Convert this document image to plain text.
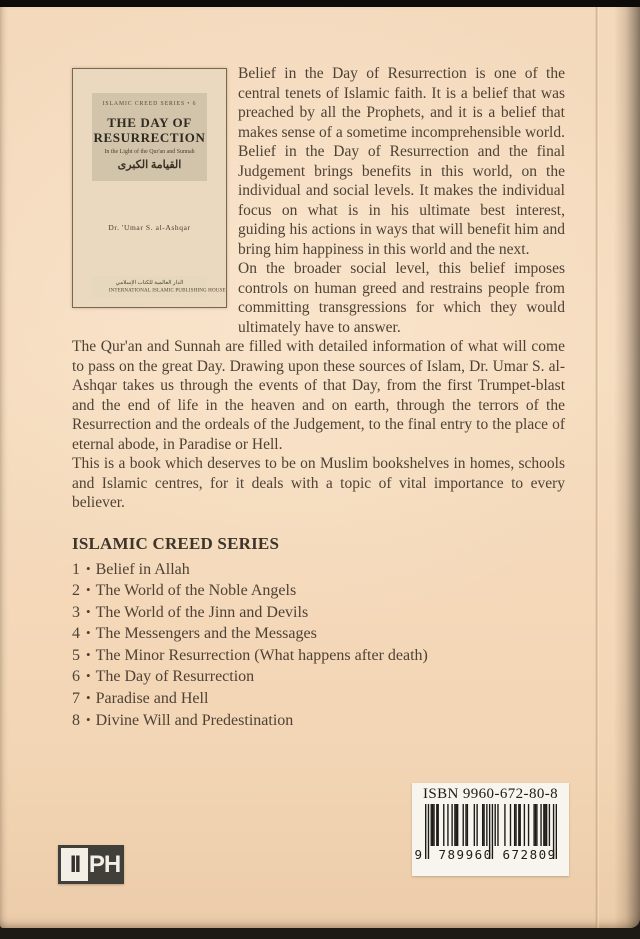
ISLAMIC CREED SERIES • 6
THE DAY OF RESURRECTION
In the Light of the Qur'an and Sunnah
القيامة الكبرى
Dr. 'Umar S. al-Ashqar
الدار العالمية للكتاب الإسلامي
INTERNATIONAL ISLAMIC PUBLISHING HOUSE

Belief in the Day of Resurrection is one of the central tenets of Islamic faith. It is a belief that was preached by all the Prophets, and it is a belief that makes sense of a sometime incomprehensible world. Belief in the Day of Resurrection and the final Judgement brings benefits in this world, on the individual and social levels. It makes the individual focus on what is in his ultimate best interest, guiding his actions in ways that will benefit him and bring him happiness in this world and the next.

On the broader social level, this belief imposes controls on human greed and restrains people from committing transgressions for which they would ultimately have to answer.

The Qur'an and Sunnah are filled with detailed information of what will come to pass on the great Day. Drawing upon these sources of Islam, Dr. Umar S. al-Ashqar takes us through the events of that Day, from the first Trumpet-blast and the end of life in the heaven and on earth, through the terrors of the Resurrection and the ordeals of the Judgement, to the final entry to the place of eternal abode, in Paradise or Hell.

This is a book which deserves to be on Muslim bookshelves in homes, schools and Islamic centres, for it deals with a topic of vital importance to every believer.

ISLAMIC CREED SERIES
1 • Belief in Allah
2 • The World of the Noble Angels
3 • The World of the Jinn and Devils
4 • The Messengers and the Messages
5 • The Minor Resurrection (What happens after death)
6 • The Day of Resurrection
7 • Paradise and Hell
8 • Divine Will and Predestination
ISBN 9960-672-80-8
9 789960 672809
II PH
